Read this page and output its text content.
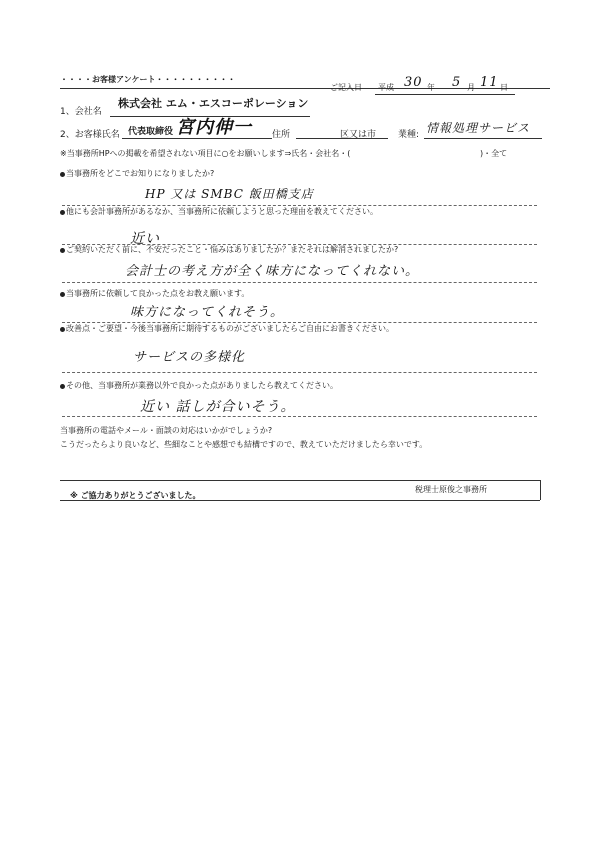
・・・・お客様アンケート・・・・・・・・・・
ご記入日 平成 30 年 5 月 11 日
1、会社名
株式会社 エム・エスコーポレーション
2、お客様氏名 代表取締役 宮内伸一 住所	区又は市 業種: 情報処理サービス
※当事務所HPへの掲載を希望されない項目に○をお願いします⇒氏名・会社名・(	)・全て
当事務所をどこでお知りになりましたか?
HP 又は SMBC 飯田橋支店
他にも会計事務所があるなか、当事務所に依頼しようと思った理由を教えてください。
近い
ご契約いただく前に、不安だったこと・悩みはありましたか？またそれは解消されましたか?
会計士の考え方が全く味方になってくれない。
当事務所に依頼して良かった点をお教え願います。
味方になってくれそう。
改善点・ご要望・今後当事務所に期待するものがございましたらご自由にお書きください。
サービスの多様化
その他、当事務所が業務以外で良かった点がありましたら教えてください。
近い 話しが合いそう。
当事務所の電話やメール・面談の対応はいかがでしょうか?
こうだったらより良いなど、些細なことや感想でも結構ですので、教えていただけましたら幸いです。
※ ご協力ありがとうございました。
税理士原俊之事務所
